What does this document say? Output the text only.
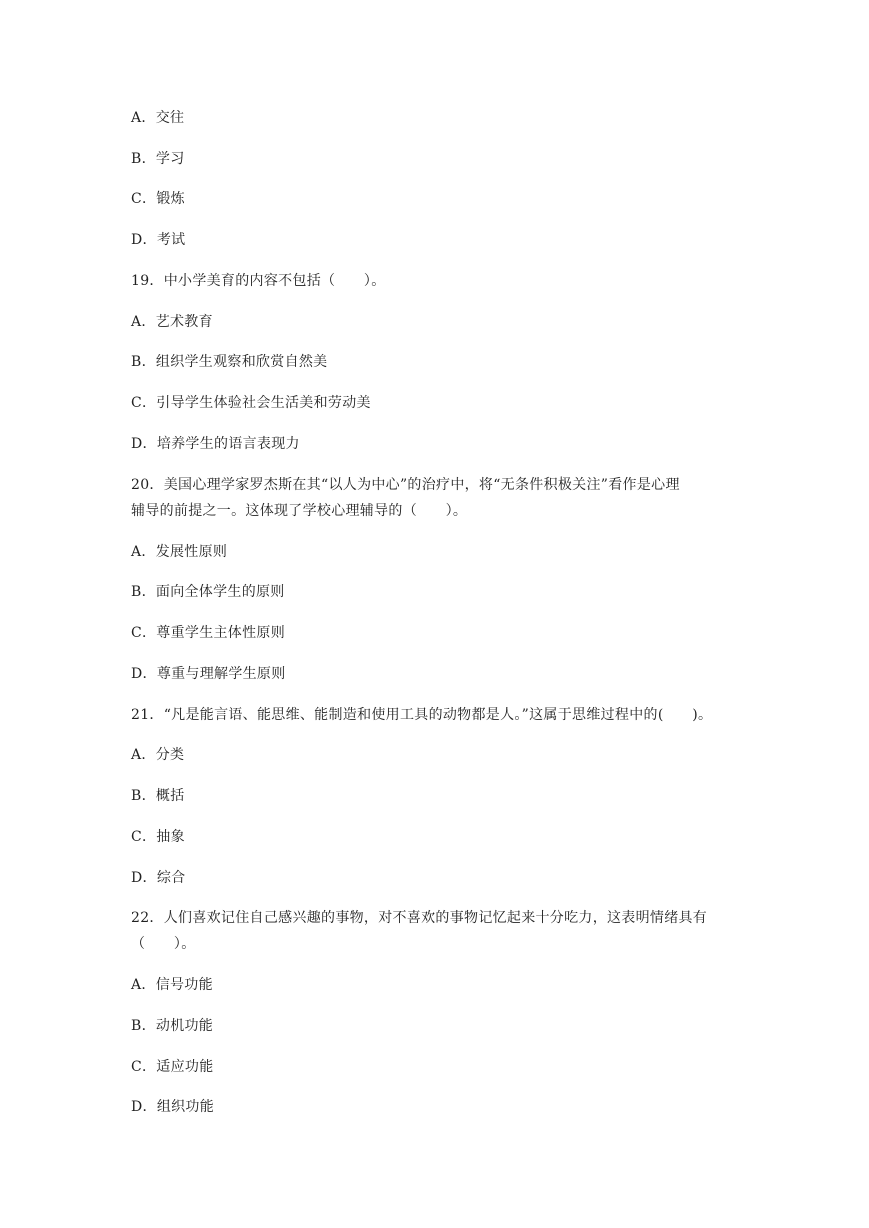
A．交往
B．学习
C．锻炼
D．考试
19．中小学美育的内容不包括（　　）。
A．艺术教育
B．组织学生观察和欣赏自然美
C．引导学生体验社会生活美和劳动美
D．培养学生的语言表现力
20．美国心理学家罗杰斯在其“以人为中心”的治疗中，将“无条件积极关注”看作是心理
辅导的前提之一。这体现了学校心理辅导的（　　）。
A．发展性原则
B．面向全体学生的原则
C．尊重学生主体性原则
D．尊重与理解学生原则
21．“凡是能言语、能思维、能制造和使用工具的动物都是人。”这属于思维过程中的(　　)。
A．分类
B．概括
C．抽象
D．综合
22．人们喜欢记住自己感兴趣的事物，对不喜欢的事物记忆起来十分吃力，这表明情绪具有
（　　）。
A．信号功能
B．动机功能
C．适应功能
D．组织功能
